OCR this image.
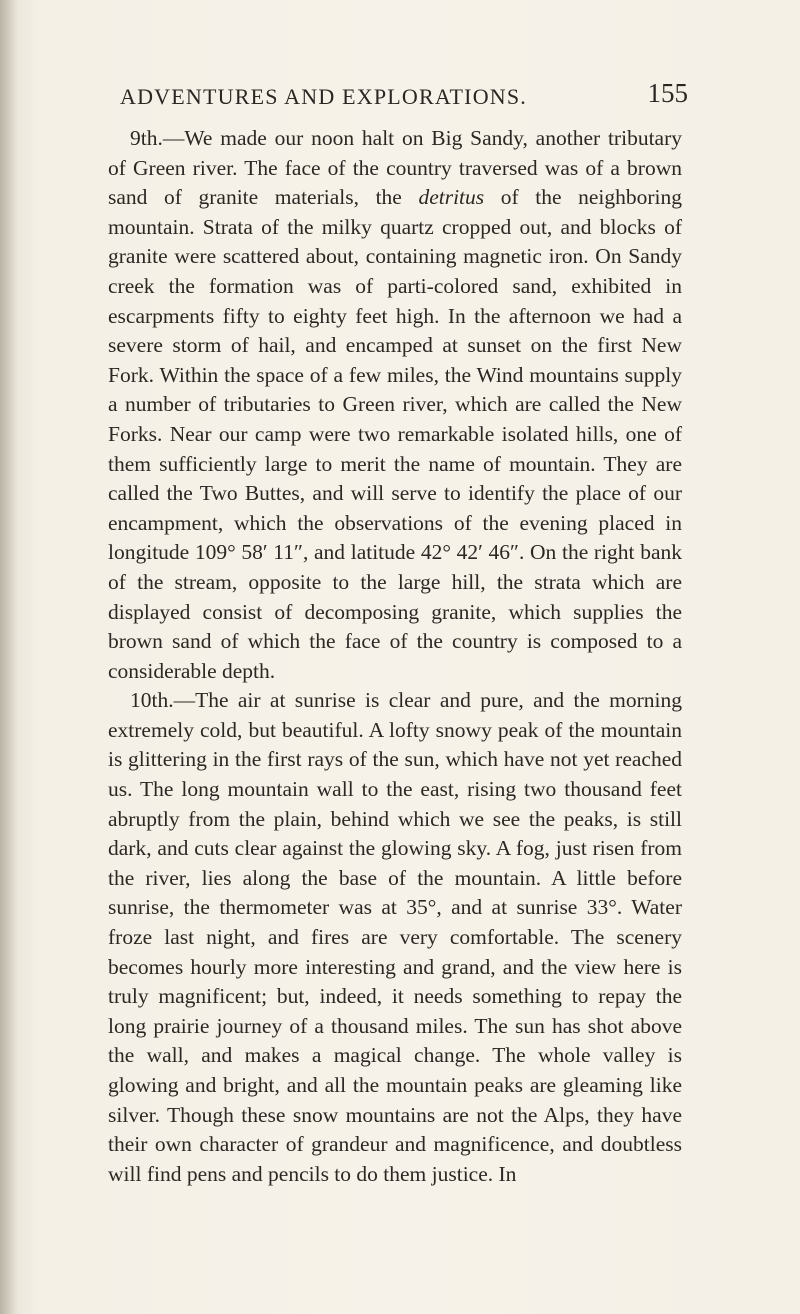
ADVENTURES AND EXPLORATIONS.	155

9th.—We made our noon halt on Big Sandy, another tributary of Green river. The face of the country traversed was of a brown sand of granite materials, the detritus of the neighboring mountain. Strata of the milky quartz cropped out, and blocks of granite were scattered about, containing magnetic iron. On Sandy creek the formation was of parti-colored sand, exhibited in escarpments fifty to eighty feet high. In the afternoon we had a severe storm of hail, and encamped at sunset on the first New Fork. Within the space of a few miles, the Wind mountains supply a number of tributaries to Green river, which are called the New Forks. Near our camp were two remarkable isolated hills, one of them sufficiently large to merit the name of mountain. They are called the Two Buttes, and will serve to identify the place of our encampment, which the observations of the evening placed in longitude 109° 58′ 11″, and latitude 42° 42′ 46″. On the right bank of the stream, opposite to the large hill, the strata which are displayed consist of decomposing granite, which supplies the brown sand of which the face of the country is composed to a considerable depth.

10th.—The air at sunrise is clear and pure, and the morning extremely cold, but beautiful. A lofty snowy peak of the mountain is glittering in the first rays of the sun, which have not yet reached us. The long mountain wall to the east, rising two thousand feet abruptly from the plain, behind which we see the peaks, is still dark, and cuts clear against the glowing sky. A fog, just risen from the river, lies along the base of the mountain. A little before sunrise, the thermometer was at 35°, and at sunrise 33°. Water froze last night, and fires are very comfortable. The scenery becomes hourly more interesting and grand, and the view here is truly magnificent; but, indeed, it needs something to repay the long prairie journey of a thousand miles. The sun has shot above the wall, and makes a magical change. The whole valley is glowing and bright, and all the mountain peaks are gleaming like silver. Though these snow mountains are not the Alps, they have their own character of grandeur and magnificence, and doubtless will find pens and pencils to do them justice. In
